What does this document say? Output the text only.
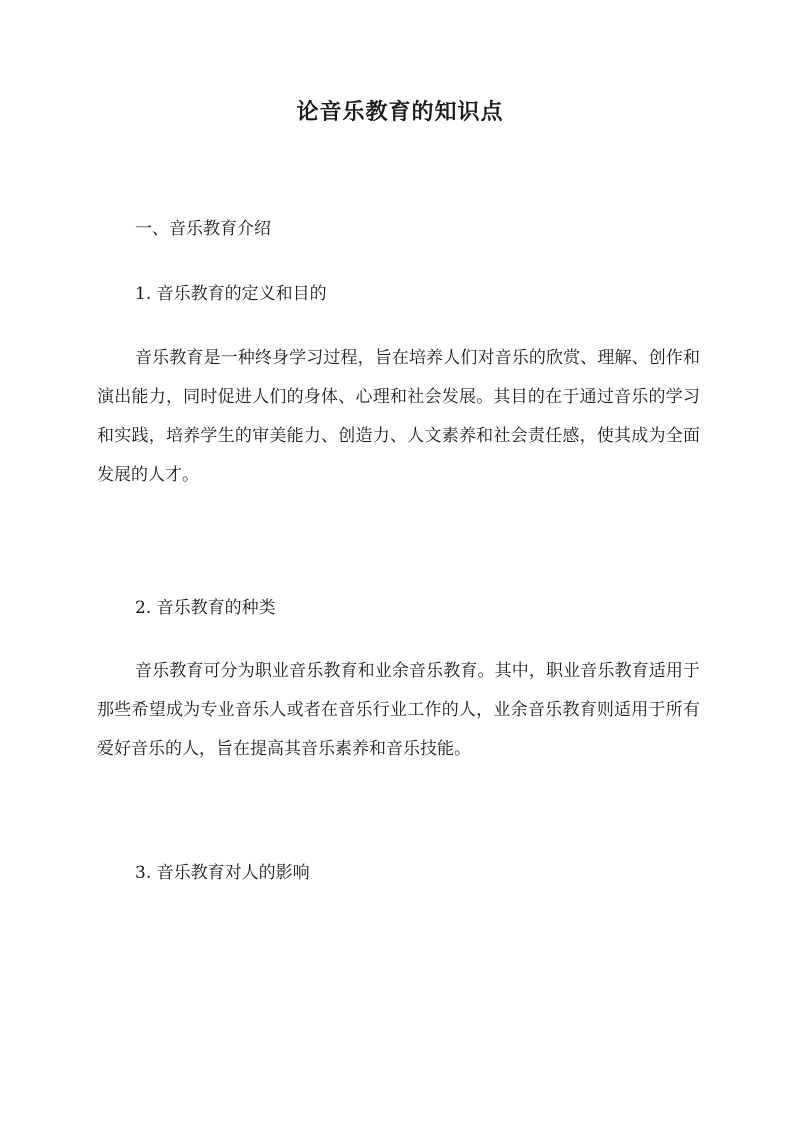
论音乐教育的知识点
一、音乐教育介绍
1. 音乐教育的定义和目的

音乐教育是一种终身学习过程，旨在培养人们对音乐的欣赏、理解、创作和演出能力，同时促进人们的身体、心理和社会发展。其目的在于通过音乐的学习和实践，培养学生的审美能力、创造力、人文素养和社会责任感，使其成为全面发展的人才。

2. 音乐教育的种类

音乐教育可分为职业音乐教育和业余音乐教育。其中，职业音乐教育适用于那些希望成为专业音乐人或者在音乐行业工作的人，业余音乐教育则适用于所有爱好音乐的人，旨在提高其音乐素养和音乐技能。

3. 音乐教育对人的影响
